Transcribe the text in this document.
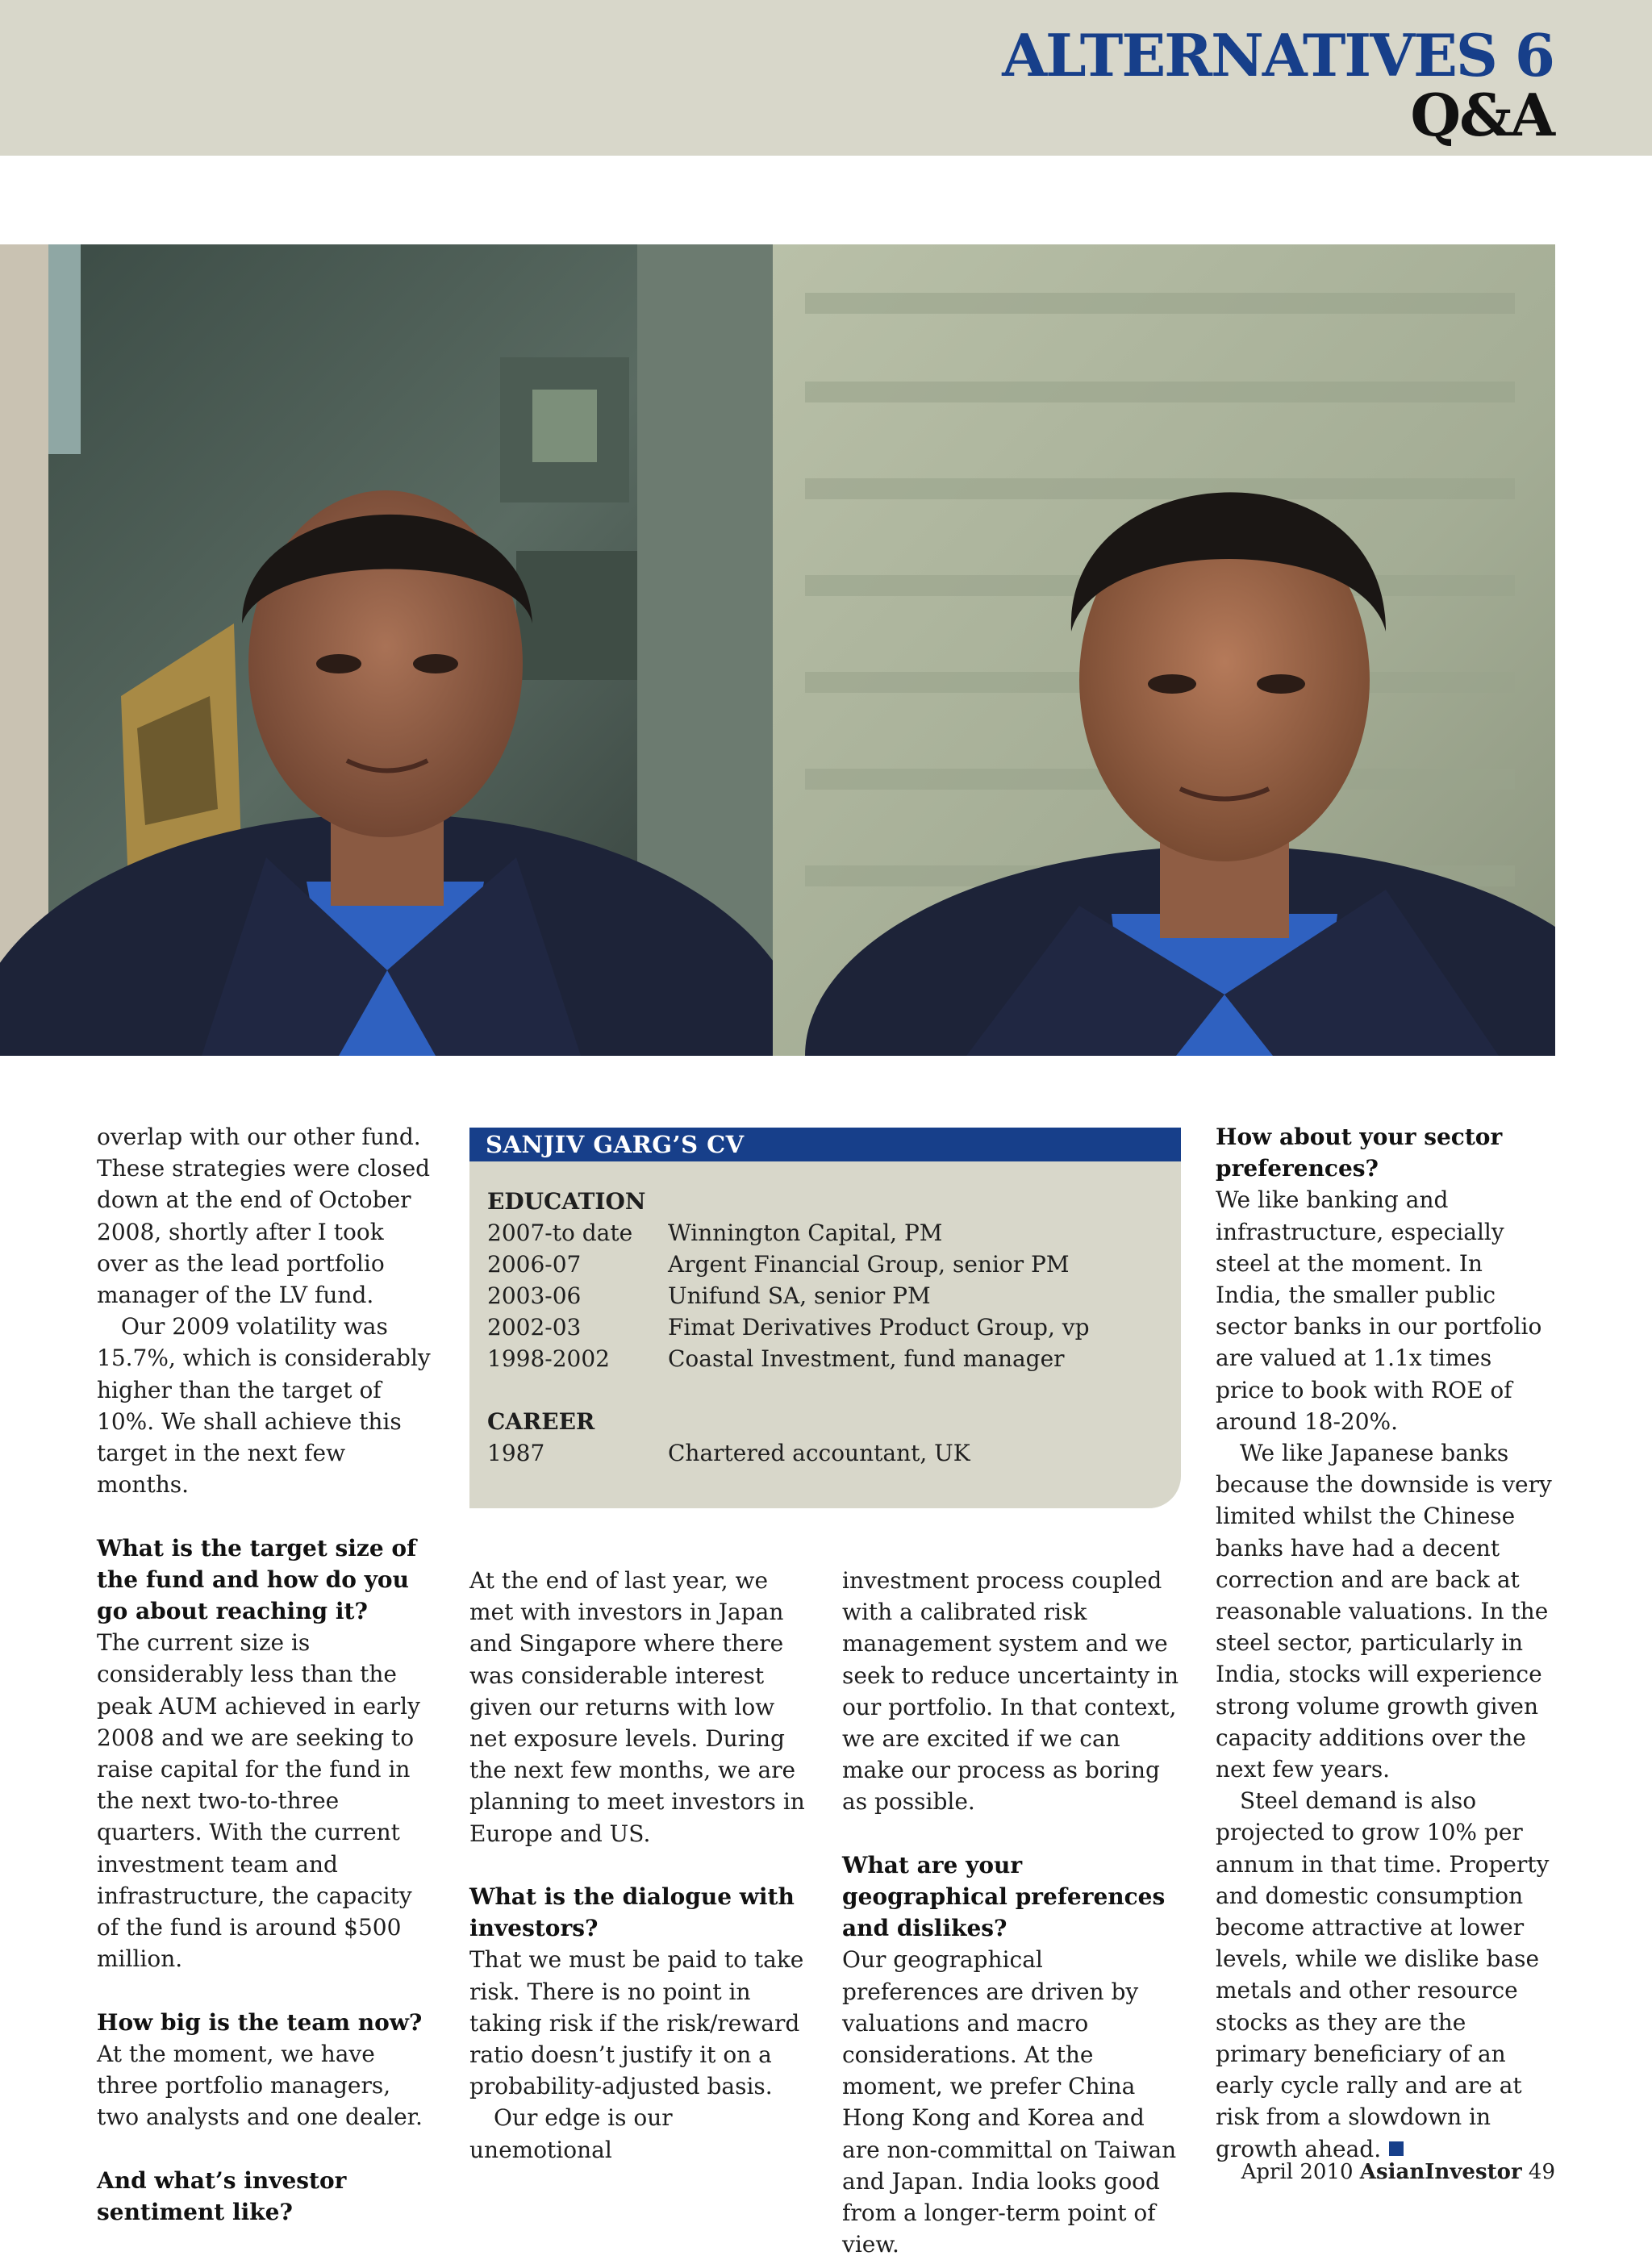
ALTERNATIVES 6
Q&A

overlap with our other fund. These strategies were closed down at the end of October 2008, shortly after I took over as the lead portfolio manager of the LV fund.

Our 2009 volatility was 15.7%, which is considerably higher than the target of 10%. We shall achieve this target in the next few months.

What is the target size of the fund and how do you go about reaching it?

The current size is considerably less than the peak AUM achieved in early 2008 and we are seeking to raise capital for the fund in the next two-to-three quarters. With the current investment team and infrastructure, the capacity of the fund is around $500 million.

How big is the team now?

At the moment, we have three portfolio managers, two analysts and one dealer.

And what’s investor sentiment like?
SANJIV GARG’S CV
EDUCATION
2007-to date Winnington Capital, PM
2006-07	Argent Financial Group, senior PM
2003-06	Unifund SA, senior PM
2002-03	Fimat Derivatives Product Group, vp
1998-2002	Coastal Investment, fund manager
CAREER
1987	Chartered accountant, UK

At the end of last year, we met with investors in Japan and Singapore where there was considerable interest given our returns with low net exposure levels. During the next few months, we are planning to meet investors in Europe and US.

What is the dialogue with investors?

That we must be paid to take risk. There is no point in taking risk if the risk/reward ratio doesn’t justify it on a probability-adjusted basis.

Our edge is our unemotional

investment process coupled with a calibrated risk management system and we seek to reduce uncertainty in our portfolio. In that context, we are excited if we can make our process as boring as possible.

What are your geographical preferences and dislikes?

Our geographical preferences are driven by valuations and macro considerations. At the moment, we prefer China Hong Kong and Korea and are non-committal on Taiwan and Japan. India looks good from a longer-term point of view.

How about your sector preferences?

We like banking and infrastructure, especially steel at the moment. In India, the smaller public sector banks in our portfolio are valued at 1.1x times price to book with ROE of around 18-20%.

We like Japanese banks because the downside is very limited whilst the Chinese banks have had a decent correction and are back at reasonable valuations. In the steel sector, particularly in India, stocks will experience strong volume growth given capacity additions over the next few years.

Steel demand is also projected to grow 10% per annum in that time. Property and domestic consumption become attractive at lower levels, while we dislike base metals and other resource stocks as they are the primary beneficiary of an early cycle rally and are at risk from a slowdown in growth ahead.

April 2010 AsianInvestor 49
